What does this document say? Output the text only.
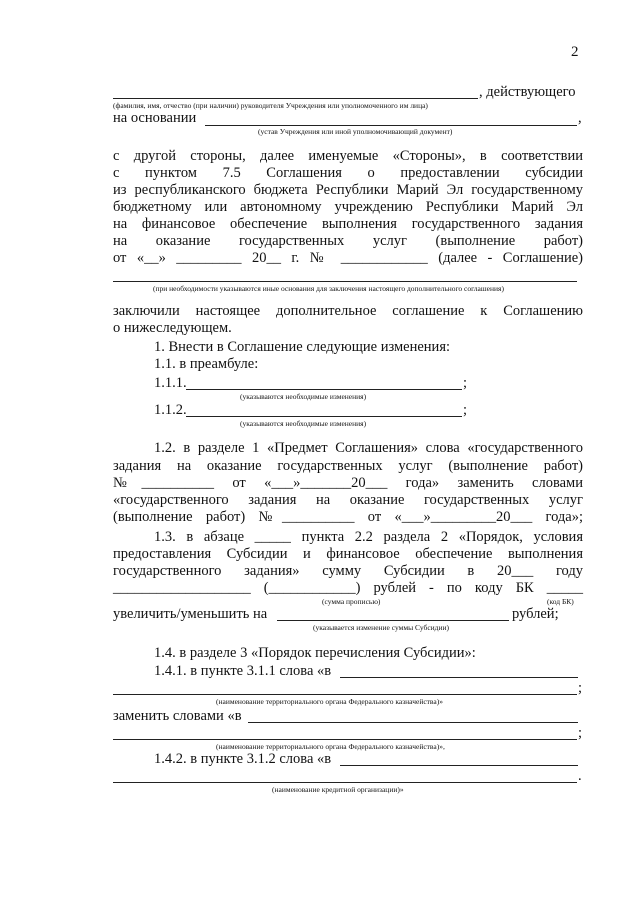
2
, действующего
(фамилия, имя, отчество (при наличии) руководителя Учреждения или уполномоченного им лица)
на основании	,
(устав Учреждения или иной уполномочивающий документ)
с другой стороны, далее именуемые «Стороны», в соответствии
с пунктом 7.5 Соглашения о предоставлении субсидии
из республиканского бюджета Республики Марий Эл государственному
бюджетному или автономному учреждению Республики Марий Эл
на финансовое обеспечение выполнения государственного задания
на оказание государственных услуг (выполнение работ)
от «__» _________ 20__ г. № ____________ (далее - Соглашение)
(при необходимости указываются иные основания для заключения настоящего дополнительного соглашения)
заключили настоящее дополнительное соглашение к Соглашению
о нижеследующем.
1. Внести в Соглашение следующие изменения:
1.1. в преамбуле:
1.1.1.	;
(указываются необходимые изменения)
1.1.2.	;
(указываются необходимые изменения)
1.2. в разделе 1 «Предмет Соглашения» слова «государственного
задания на оказание государственных услуг (выполнение работ)
№__________ от «___»_______20___ года» заменить словами
«государственного задания на оказание государственных услуг
(выполнение работ) №__________ от «___»_________20___ года»;
1.3. в абзаце _____ пункта 2.2 раздела 2 «Порядок, условия
предоставления Субсидии и финансовое обеспечение выполнения
государственного задания» сумму Субсидии в 20___ году
___________________ (____________) рублей - по коду БК _____
(сумма прописью)	(код БК)
увеличить/уменьшить на	рублей;
(указывается изменение суммы Субсидии)
1.4. в разделе 3 «Порядок перечисления Субсидии»:
1.4.1. в пункте 3.1.1 слова «в
;
(наименование территориального органа Федерального казначейства)»
заменить словами «в
;
(наименование территориального органа Федерального казначейства)»,
1.4.2. в пункте 3.1.2 слова «в
.
(наименование кредитной организации)»
